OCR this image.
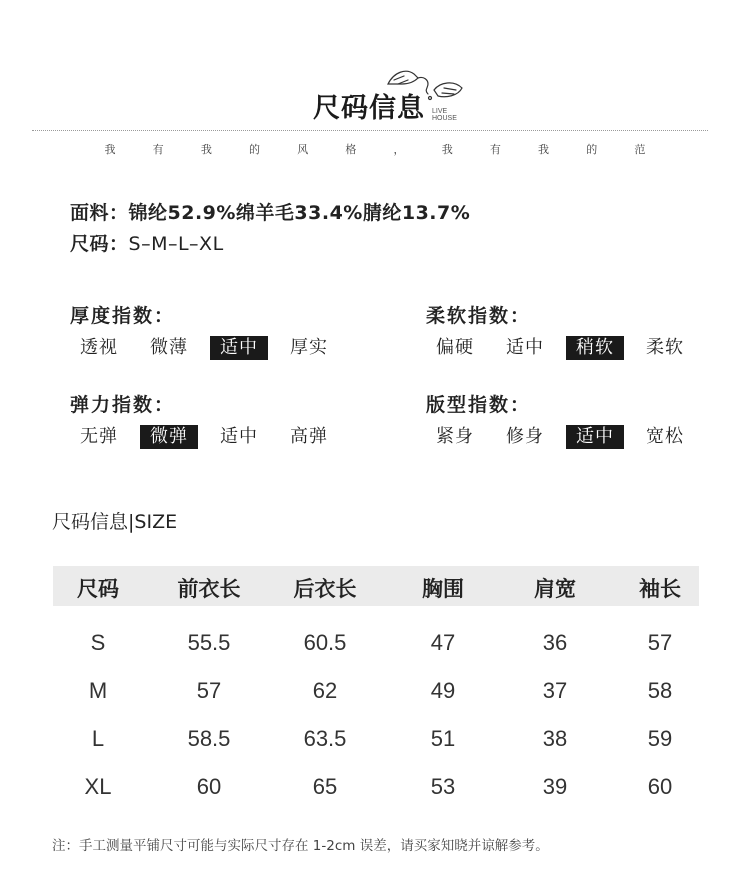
LIVE
HOUSE
尺码信息
我	有	我	的	风	格	，	我	有	我	的	范
面料：锦纶52.9%绵羊毛33.4%腈纶13.7%
尺码：S–M–L–XL
厚度指数：
透视	微薄	适中	厚实
柔软指数：
偏硬	适中	稍软	柔软
弹力指数：
无弹	微弹	适中	高弹
版型指数：
紧身	修身	适中	宽松
尺码信息|SIZE
尺码	前衣长	后衣长	胸围	肩宽	袖长
S	55.5	60.5	47	36	57
M	57	62	49	37	58
L	58.5	63.5	51	38	59
XL	60	65	53	39	60
注：手工测量平铺尺寸可能与实际尺寸存在 1-2cm 误差，请买家知晓并谅解参考。
